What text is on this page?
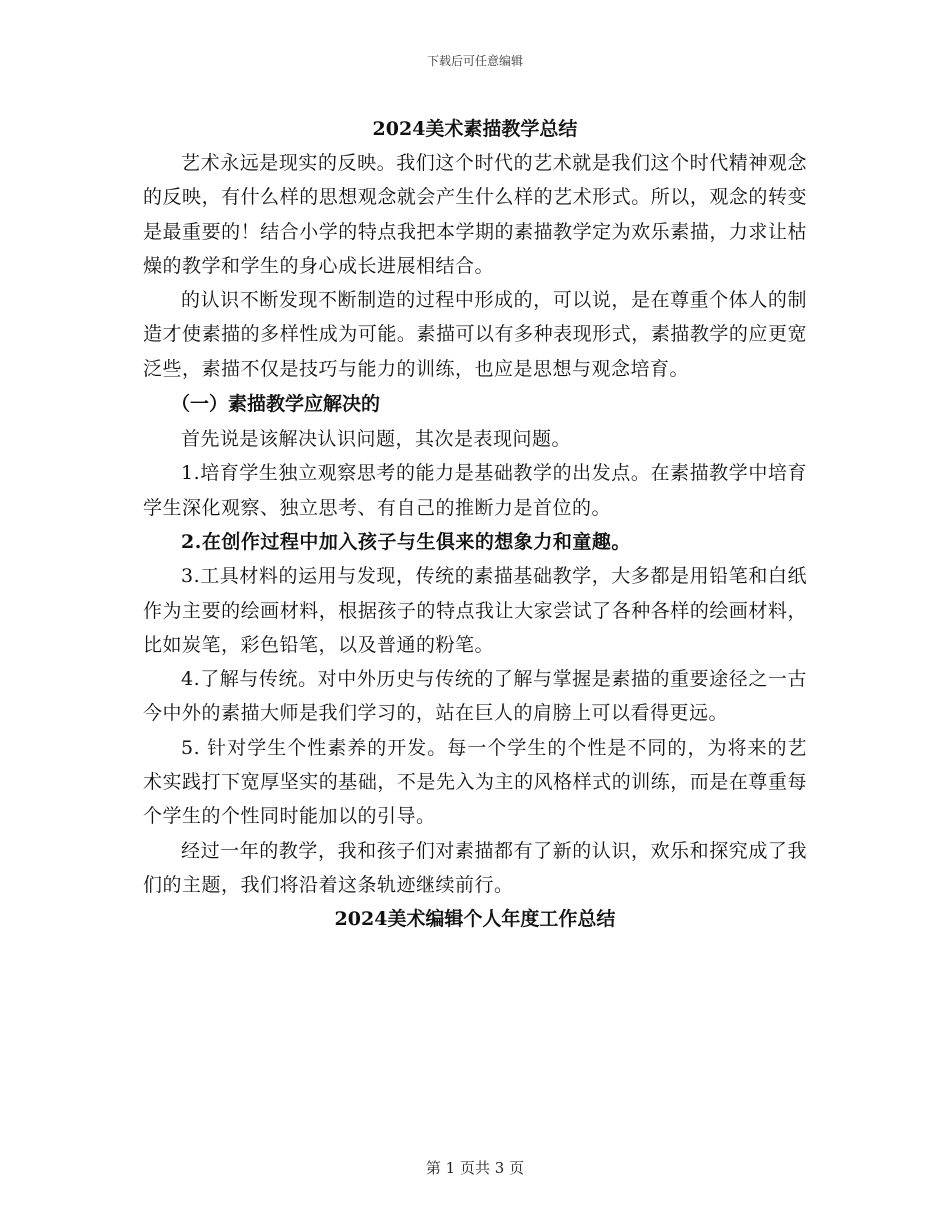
下载后可任意编辑
2024美术素描教学总结

艺术永远是现实的反映。我们这个时代的艺术就是我们这个时代精神观念的反映，有什么样的思想观念就会产生什么样的艺术形式。所以，观念的转变是最重要的！结合小学的特点我把本学期的素描教学定为欢乐素描，力求让枯燥的教学和学生的身心成长进展相结合。

的认识不断发现不断制造的过程中形成的，可以说，是在尊重个体人的制造才使素描的多样性成为可能。素描可以有多种表现形式，素描教学的应更宽泛些，素描不仅是技巧与能力的训练，也应是思想与观念培育。

（一）素描教学应解决的

首先说是该解决认识问题，其次是表现问题。

1.培育学生独立观察思考的能力是基础教学的出发点。在素描教学中培育学生深化观察、独立思考、有自己的推断力是首位的。

2.在创作过程中加入孩子与生俱来的想象力和童趣。

3.工具材料的运用与发现，传统的素描基础教学，大多都是用铅笔和白纸作为主要的绘画材料，根据孩子的特点我让大家尝试了各种各样的绘画材料，比如炭笔，彩色铅笔，以及普通的粉笔。

4.了解与传统。对中外历史与传统的了解与掌握是素描的重要途径之一古今中外的素描大师是我们学习的，站在巨人的肩膀上可以看得更远。

5. 针对学生个性素养的开发。每一个学生的个性是不同的，为将来的艺术实践打下宽厚坚实的基础，不是先入为主的风格样式的训练，而是在尊重每个学生的个性同时能加以的引导。

经过一年的教学，我和孩子们对素描都有了新的认识，欢乐和探究成了我们的主题，我们将沿着这条轨迹继续前行。

2024美术编辑个人年度工作总结
第 1 页共 3 页
